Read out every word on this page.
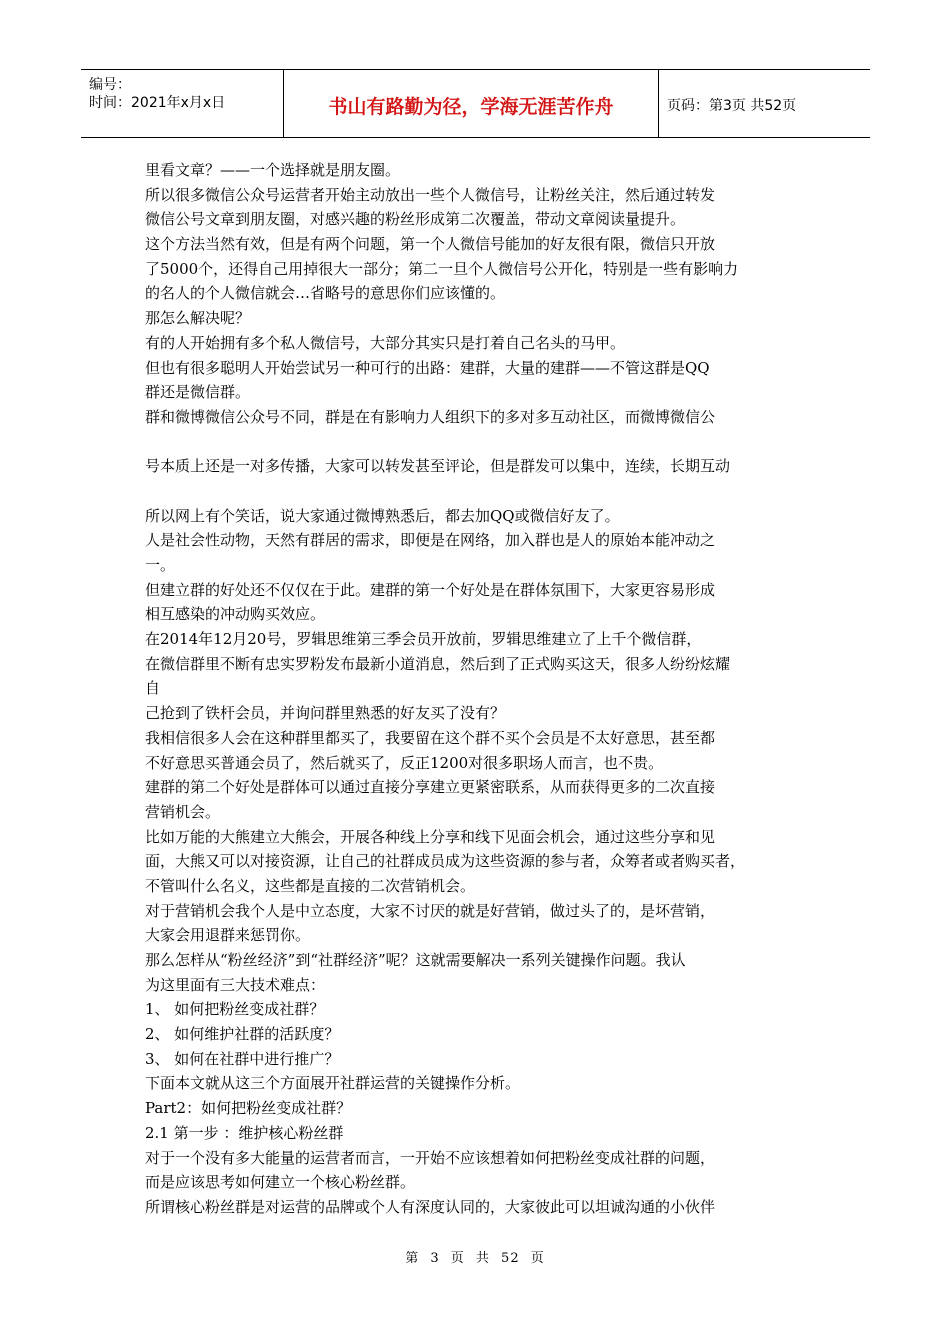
编号：
时间：2021年x月x日	书山有路勤为径，学海无涯苦作舟	页码：第3页 共52页
里看文章？——一个选择就是朋友圈。
所以很多微信公众号运营者开始主动放出一些个人微信号，让粉丝关注，然后通过转发
微信公号文章到朋友圈，对感兴趣的粉丝形成第二次覆盖，带动文章阅读量提升。
这个方法当然有效，但是有两个问题，第一个人微信号能加的好友很有限，微信只开放
了5000个，还得自己用掉很大一部分；第二一旦个人微信号公开化，特别是一些有影响力
的名人的个人微信就会…省略号的意思你们应该懂的。
那怎么解决呢？
有的人开始拥有多个私人微信号，大部分其实只是打着自己名头的马甲。
但也有很多聪明人开始尝试另一种可行的出路：建群，大量的建群——不管这群是QQ
群还是微信群。
群和微博微信公众号不同，群是在有影响力人组织下的多对多互动社区，而微博微信公
号本质上还是一对多传播，大家可以转发甚至评论，但是群发可以集中，连续，长期互动
所以网上有个笑话，说大家通过微博熟悉后，都去加QQ或微信好友了。
人是社会性动物，天然有群居的需求，即便是在网络，加入群也是人的原始本能冲动之
一。
但建立群的好处还不仅仅在于此。建群的第一个好处是在群体氛围下，大家更容易形成
相互感染的冲动购买效应。
在2014年12月20号，罗辑思维第三季会员开放前，罗辑思维建立了上千个微信群，
在微信群里不断有忠实罗粉发布最新小道消息，然后到了正式购买这天，很多人纷纷炫耀
自
己抢到了铁杆会员，并询问群里熟悉的好友买了没有？
我相信很多人会在这种群里都买了，我要留在这个群不买个会员是不太好意思，甚至都
不好意思买普通会员了，然后就买了，反正1200对很多职场人而言，也不贵。
建群的第二个好处是群体可以通过直接分享建立更紧密联系，从而获得更多的二次直接
营销机会。
比如万能的大熊建立大熊会，开展各种线上分享和线下见面会机会，通过这些分享和见
面，大熊又可以对接资源，让自己的社群成员成为这些资源的参与者，众筹者或者购买者，
不管叫什么名义，这些都是直接的二次营销机会。
对于营销机会我个人是中立态度，大家不讨厌的就是好营销，做过头了的，是坏营销，
大家会用退群来惩罚你。
那么怎样从“粉丝经济”到“社群经济”呢？这就需要解决一系列关键操作问题。我认
为这里面有三大技术难点：
1、 如何把粉丝变成社群？
2、 如何维护社群的活跃度？
3、 如何在社群中进行推广？
下面本文就从这三个方面展开社群运营的关键操作分析。
Part2：如何把粉丝变成社群？
2.1 第一步 ：维护核心粉丝群
对于一个没有多大能量的运营者而言，一开始不应该想着如何把粉丝变成社群的问题，
而是应该思考如何建立一个核心粉丝群。
所谓核心粉丝群是对运营的品牌或个人有深度认同的，大家彼此可以坦诚沟通的小伙伴
第 3 页 共 52 页
